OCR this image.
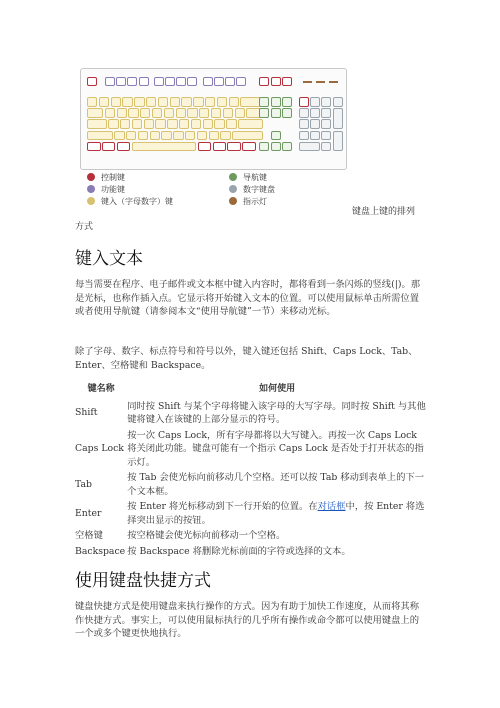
控制键
功能键
键入（字母数字）键
导航键
数字键盘
指示灯
键盘上键的排列
方式
键入文本
每当需要在程序、电子邮件或文本框中键入内容时，都将看到一条闪烁的竖线(|)。那是光标，也称作插入点。它显示将开始键入文本的位置。可以使用鼠标单击所需位置或者使用导航键（请参阅本文“使用导航键”一节）来移动光标。
除了字母、数字、标点符号和符号以外，键入键还包括 Shift、Caps Lock、Tab、Enter、空格键和 Backspace。
键名称	如何使用
Shift	同时按 Shift 与某个字母将键入该字母的大写字母。同时按 Shift 与其他键将键入在该键的上部分显示的符号。
Caps Lock	按一次 Caps Lock，所有字母都将以大写键入。再按一次 Caps Lock 将关闭此功能。键盘可能有一个指示 Caps Lock 是否处于打开状态的指示灯。
Tab	按 Tab 会使光标向前移动几个空格。还可以按 Tab 移动到表单上的下一个文本框。
Enter	按 Enter 将光标移动到下一行开始的位置。在对话框中，按 Enter 将选择突出显示的按钮。
空格键	按空格键会使光标向前移动一个空格。
Backspace	按 Backspace 将删除光标前面的字符或选择的文本。
使用键盘快捷方式
键盘快捷方式是使用键盘来执行操作的方式。因为有助于加快工作速度，从而将其称作快捷方式。事实上，可以使用鼠标执行的几乎所有操作或命令都可以使用键盘上的一个或多个键更快地执行。
